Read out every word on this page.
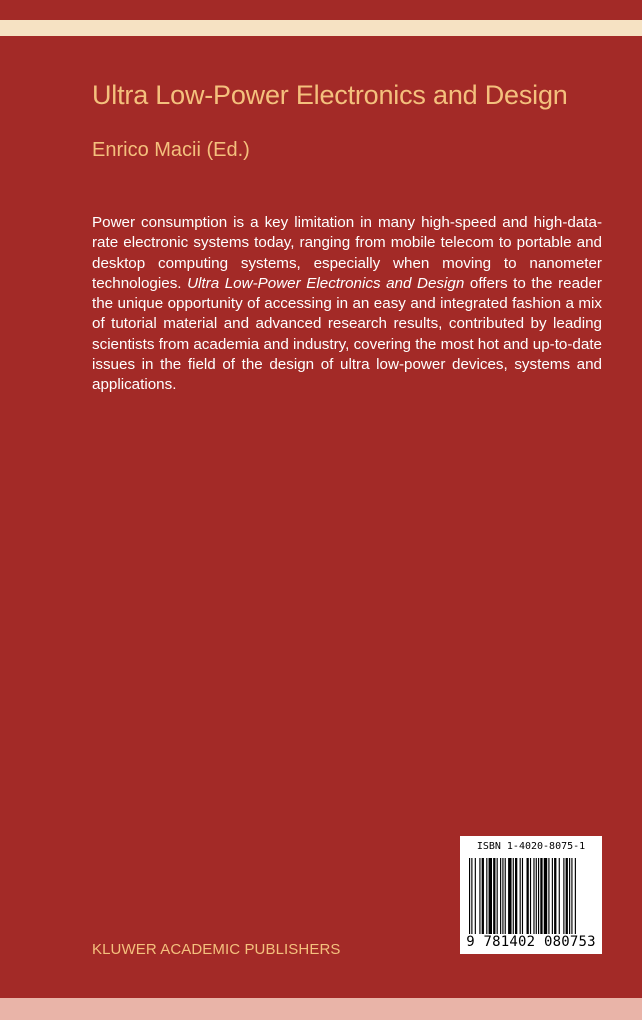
Ultra Low-Power Electronics and Design
Enrico Macii (Ed.)

Power consumption is a key limitation in many high-speed and high-data-rate electronic systems today, ranging from mobile telecom to portable and desktop computing systems, especially when moving to nanometer technologies. Ultra Low-Power Electronics and Design offers to the reader the unique opportunity of accessing in an easy and integrated fashion a mix of tutorial material and advanced research results, contributed by leading scientists from academia and industry, covering the most hot and up-to-date issues in the field of the design of ultra low-power devices, systems and applications.

ISBN 1-4020-8075-1
9 781402 080753
KLUWER ACADEMIC PUBLISHERS
